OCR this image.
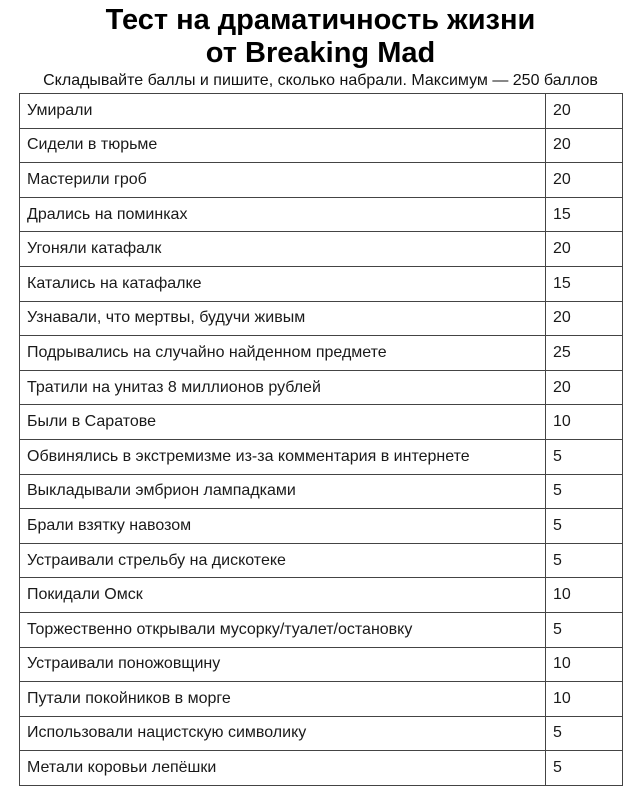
Тест на драматичность жизни
от Breaking Mad
Складывайте баллы и пишите, сколько набрали. Максимум — 250 баллов
Умирали	20
Сидели в тюрьме	20
Мастерили гроб	20
Дрались на поминках	15
Угоняли катафалк	20
Катались на катафалке	15
Узнавали, что мертвы, будучи живым	20
Подрывались на случайно найденном предмете	25
Тратили на унитаз 8 миллионов рублей	20
Были в Саратове	10
Обвинялись в экстремизме из-за комментария в интернете	5
Выкладывали эмбрион лампадками	5
Брали взятку навозом	5
Устраивали стрельбу на дискотеке	5
Покидали Омск	10
Торжественно открывали мусорку/туалет/остановку	5
Устраивали поножовщину	10
Путали покойников в морге	10
Использовали нацистскую символику	5
Метали коровьи лепёшки	5
